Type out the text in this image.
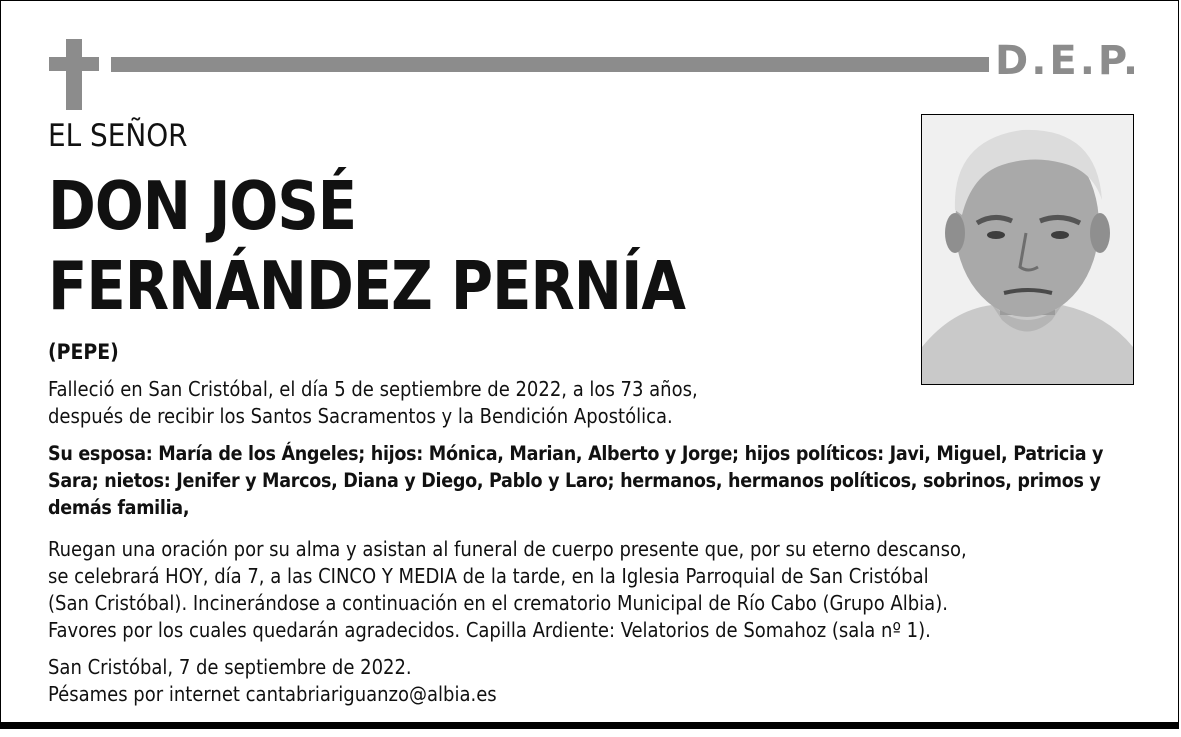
D.E.P.
EL SEÑOR
DON JOSÉ
FERNÁNDEZ PERNÍA
(PEPE)
Falleció en San Cristóbal, el día 5 de septiembre de 2022, a los 73 años,
después de recibir los Santos Sacramentos y la Bendición Apostólica.
Su esposa: María de los Ángeles; hijos: Mónica, Marian, Alberto y Jorge; hijos políticos: Javi, Miguel, Patricia y
Sara; nietos: Jenifer y Marcos, Diana y Diego, Pablo y Laro; hermanos, hermanos políticos, sobrinos, primos y
demás familia,
Ruegan una oración por su alma y asistan al funeral de cuerpo presente que, por su eterno descanso,
se celebrará HOY, día 7, a las CINCO Y MEDIA de la tarde, en la Iglesia Parroquial de San Cristóbal
(San Cristóbal). Incinerándose a continuación en el crematorio Municipal de Río Cabo (Grupo Albia).
Favores por los cuales quedarán agradecidos. Capilla Ardiente: Velatorios de Somahoz (sala nº 1).
San Cristóbal, 7 de septiembre de 2022.
Pésames por internet cantabriariguanzo@albia.es
